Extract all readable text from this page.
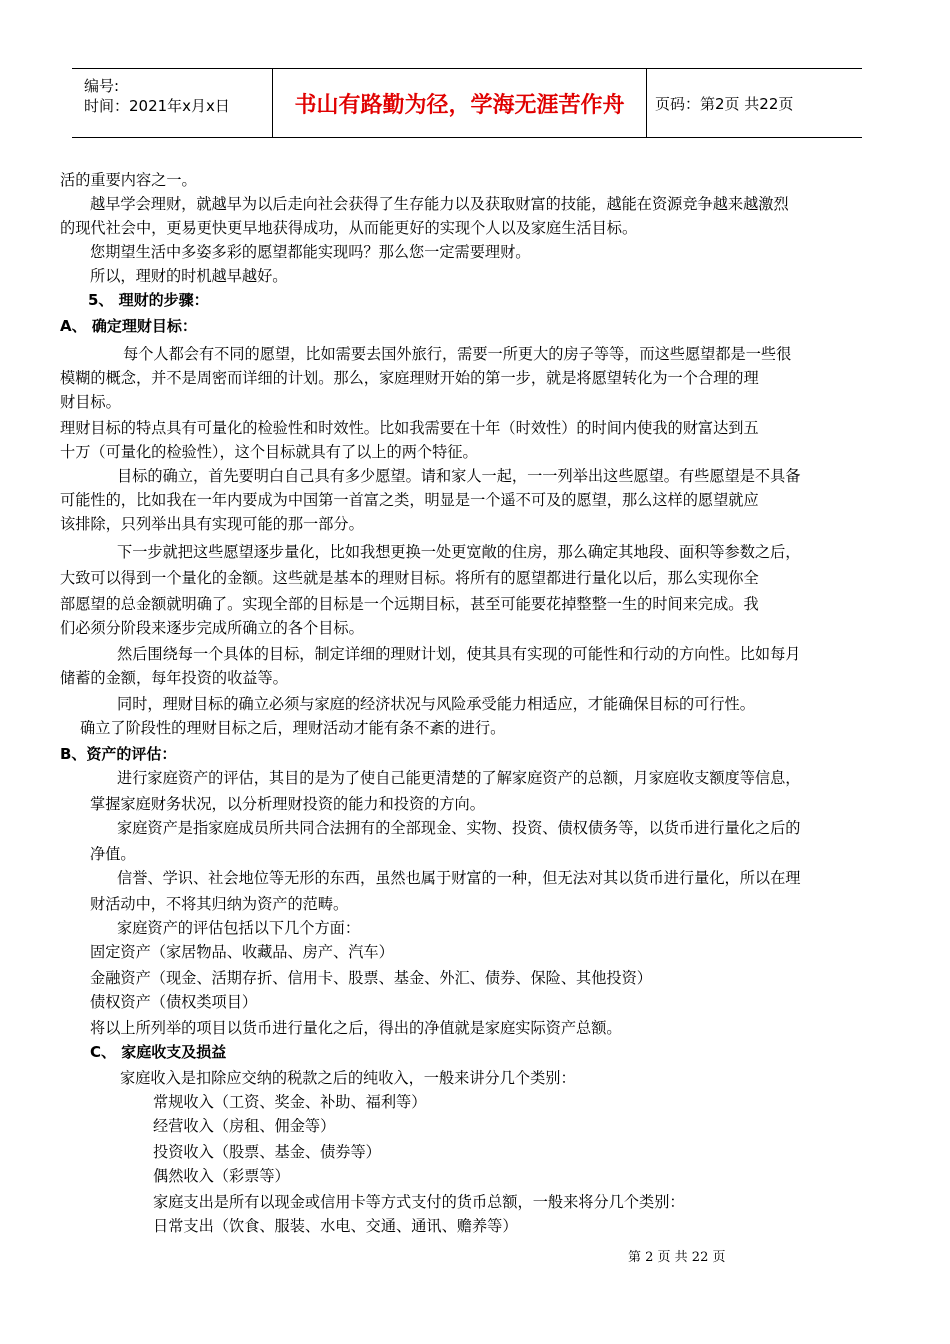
编号:
时间：2021年x月x日	书山有路勤为径，学海无涯苦作舟	页码：第2页 共22页
活的重要内容之一。
越早学会理财，就越早为以后走向社会获得了生存能力以及获取财富的技能，越能在资源竞争越来越激烈
的现代社会中，更易更快更早地获得成功，从而能更好的实现个人以及家庭生活目标。
您期望生活中多姿多彩的愿望都能实现吗？那么您一定需要理财。
所以，理财的时机越早越好。
5、 理财的步骤：
A、 确定理财目标：
每个人都会有不同的愿望，比如需要去国外旅行，需要一所更大的房子等等，而这些愿望都是一些很
模糊的概念，并不是周密而详细的计划。那么，家庭理财开始的第一步，就是将愿望转化为一个合理的理
财目标。
理财目标的特点具有可量化的检验性和时效性。比如我需要在十年（时效性）的时间内使我的财富达到五
十万（可量化的检验性），这个目标就具有了以上的两个特征。
目标的确立，首先要明白自己具有多少愿望。请和家人一起，一一列举出这些愿望。有些愿望是不具备
可能性的，比如我在一年内要成为中国第一首富之类，明显是一个遥不可及的愿望，那么这样的愿望就应
该排除，只列举出具有实现可能的那一部分。
下一步就把这些愿望逐步量化，比如我想更换一处更宽敞的住房，那么确定其地段、面积等参数之后，
大致可以得到一个量化的金额。这些就是基本的理财目标。将所有的愿望都进行量化以后，那么实现你全
部愿望的总金额就明确了。实现全部的目标是一个远期目标，甚至可能要花掉整整一生的时间来完成。我
们必须分阶段来逐步完成所确立的各个目标。
然后围绕每一个具体的目标，制定详细的理财计划，使其具有实现的可能性和行动的方向性。比如每月
储蓄的金额，每年投资的收益等。
同时，理财目标的确立必须与家庭的经济状况与风险承受能力相适应，才能确保目标的可行性。
确立了阶段性的理财目标之后，理财活动才能有条不紊的进行。
B、资产的评估：
进行家庭资产的评估，其目的是为了使自己能更清楚的了解家庭资产的总额，月家庭收支额度等信息，
掌握家庭财务状况，以分析理财投资的能力和投资的方向。
家庭资产是指家庭成员所共同合法拥有的全部现金、实物、投资、债权债务等，以货币进行量化之后的
净值。
信誉、学识、社会地位等无形的东西，虽然也属于财富的一种，但无法对其以货币进行量化，所以在理
财活动中，不将其归纳为资产的范畴。
家庭资产的评估包括以下几个方面：
固定资产（家居物品、收藏品、房产、汽车）
金融资产（现金、活期存折、信用卡、股票、基金、外汇、债券、保险、其他投资）
债权资产（债权类项目）
将以上所列举的项目以货币进行量化之后，得出的净值就是家庭实际资产总额。
C、 家庭收支及损益
家庭收入是扣除应交纳的税款之后的纯收入，一般来讲分几个类别：
常规收入（工资、奖金、补助、福利等）
经营收入（房租、佣金等）
投资收入（股票、基金、债券等）
偶然收入（彩票等）
家庭支出是所有以现金或信用卡等方式支付的货币总额，一般来将分几个类别：
日常支出（饮食、服装、水电、交通、通讯、赡养等）
第 2 页 共 22 页
